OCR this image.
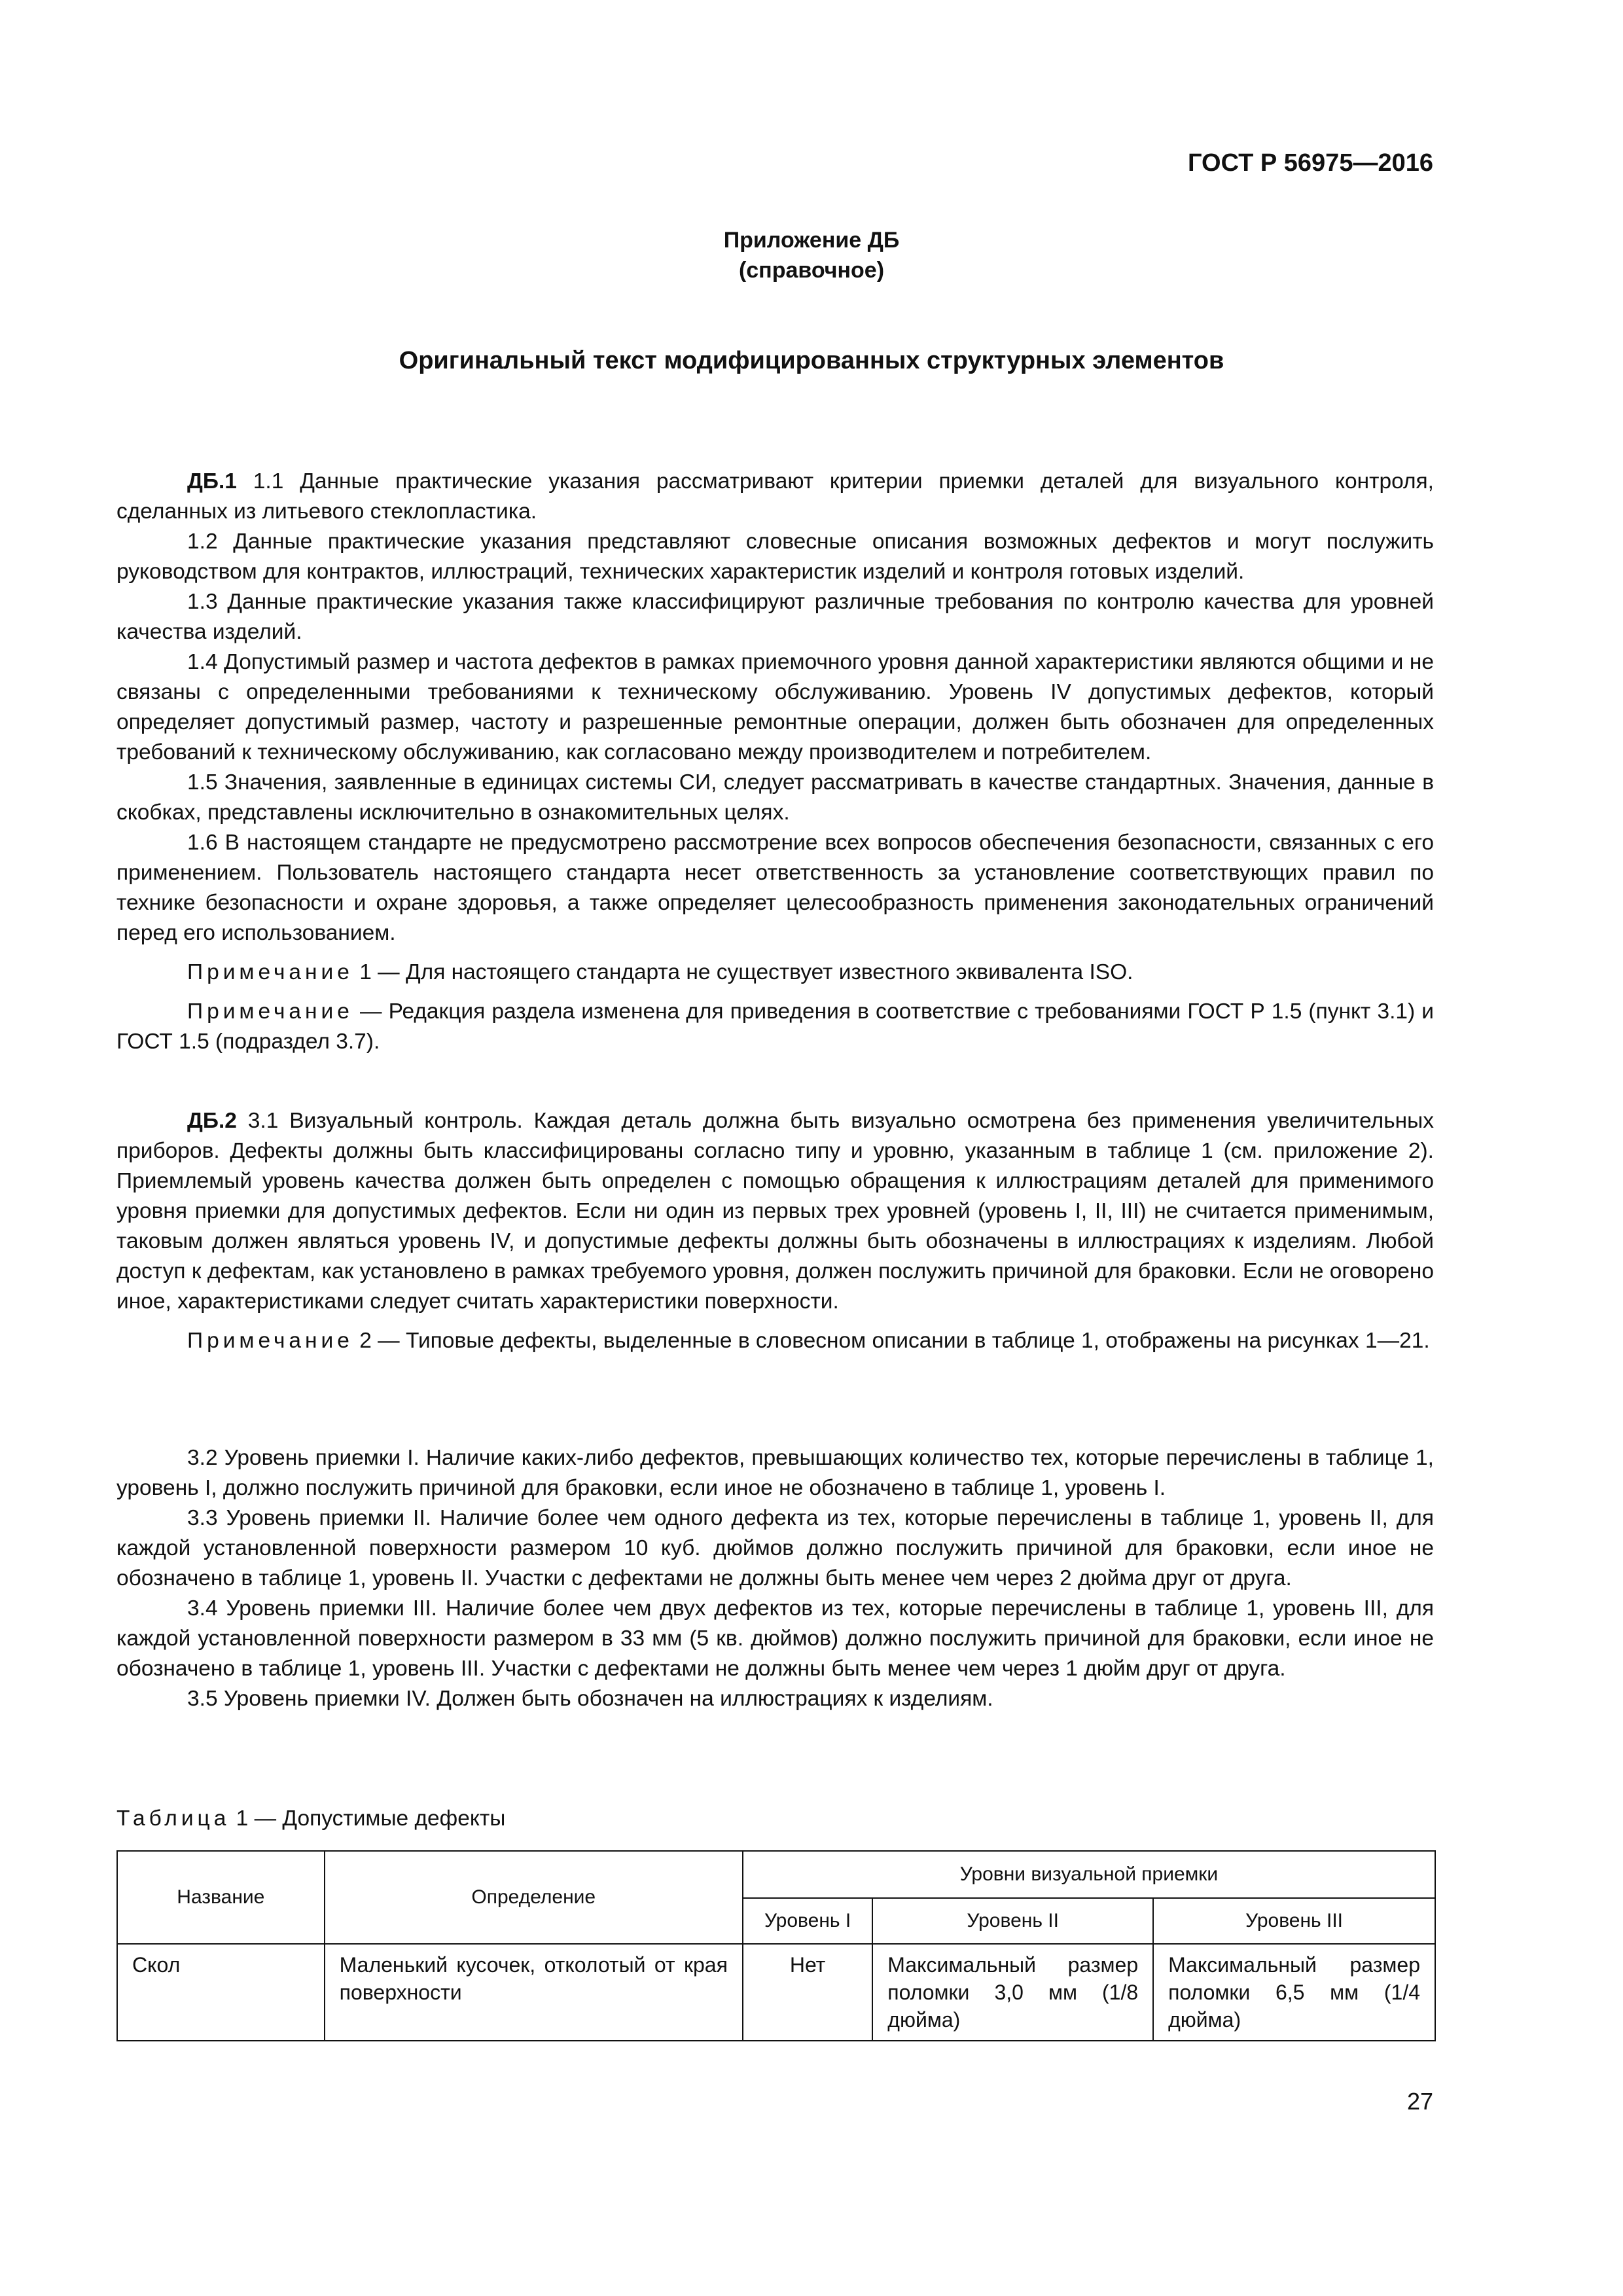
ГОСТ Р 56975—2016
Приложение ДБ
(справочное)
Оригинальный текст модифицированных структурных элементов

ДБ.1 1.1 Данные практические указания рассматривают критерии приемки деталей для визуального контроля, сделанных из литьевого стеклопластика.

1.2 Данные практические указания представляют словесные описания возможных дефектов и могут послужить руководством для контрактов, иллюстраций, технических характеристик изделий и контроля готовых изделий.

1.3 Данные практические указания также классифицируют различные требования по контролю качества для уровней качества изделий.

1.4 Допустимый размер и частота дефектов в рамках приемочного уровня данной характеристики являются общими и не связаны с определенными требованиями к техническому обслуживанию. Уровень IV допустимых дефектов, который определяет допустимый размер, частоту и разрешенные ремонтные операции, должен быть обозначен для определенных требований к техническому обслуживанию, как согласовано между производителем и потребителем.

1.5 Значения, заявленные в единицах системы СИ, следует рассматривать в качестве стандартных. Значения, данные в скобках, представлены исключительно в ознакомительных целях.

1.6 В настоящем стандарте не предусмотрено рассмотрение всех вопросов обеспечения безопасности, связанных с его применением. Пользователь настоящего стандарта несет ответственность за установление соответствующих правил по технике безопасности и охране здоровья, а также определяет целесообразность применения законодательных ограничений перед его использованием.

Примечание 1 — Для настоящего стандарта не существует известного эквивалента ISO.

Примечание — Редакция раздела изменена для приведения в соответствие с требованиями ГОСТ Р 1.5 (пункт 3.1) и ГОСТ 1.5 (подраздел 3.7).

ДБ.2 3.1 Визуальный контроль. Каждая деталь должна быть визуально осмотрена без применения увеличительных приборов. Дефекты должны быть классифицированы согласно типу и уровню, указанным в таблице 1 (см. приложение 2). Приемлемый уровень качества должен быть определен с помощью обращения к иллюстрациям деталей для применимого уровня приемки для допустимых дефектов. Если ни один из первых трех уровней (уровень I, II, III) не считается применимым, таковым должен являться уровень IV, и допустимые дефекты должны быть обозначены в иллюстрациях к изделиям. Любой доступ к дефектам, как установлено в рамках требуемого уровня, должен послужить причиной для браковки. Если не оговорено иное, характеристиками следует считать характеристики поверхности.

Примечание 2 — Типовые дефекты, выделенные в словесном описании в таблице 1, отображены на рисунках 1—21.

3.2 Уровень приемки I. Наличие каких-либо дефектов, превышающих количество тех, которые перечислены в таблице 1, уровень I, должно послужить причиной для браковки, если иное не обозначено в таблице 1, уровень I.

3.3 Уровень приемки II. Наличие более чем одного дефекта из тех, которые перечислены в таблице 1, уровень II, для каждой установленной поверхности размером 10 куб. дюймов должно послужить причиной для браковки, если иное не обозначено в таблице 1, уровень II. Участки с дефектами не должны быть менее чем через 2 дюйма друг от друга.

3.4 Уровень приемки III. Наличие более чем двух дефектов из тех, которые перечислены в таблице 1, уровень III, для каждой установленной поверхности размером в 33 мм (5 кв. дюймов) должно послужить причиной для браковки, если иное не обозначено в таблице 1, уровень III. Участки с дефектами не должны быть менее чем через 1 дюйм друг от друга.

3.5 Уровень приемки IV. Должен быть обозначен на иллюстрациях к изделиям.

Таблица 1 — Допустимые дефекты
Название	Определение	Уровни визуальной приемки		
		Уровень I	Уровень II	Уровень III
Скол	Маленький кусочек, отколотый от края поверхности	Нет	Максимальный размер поломки 3,0 мм (1/8 дюйма)	Максимальный размер поломки 6,5 мм (1/4 дюйма)
27
